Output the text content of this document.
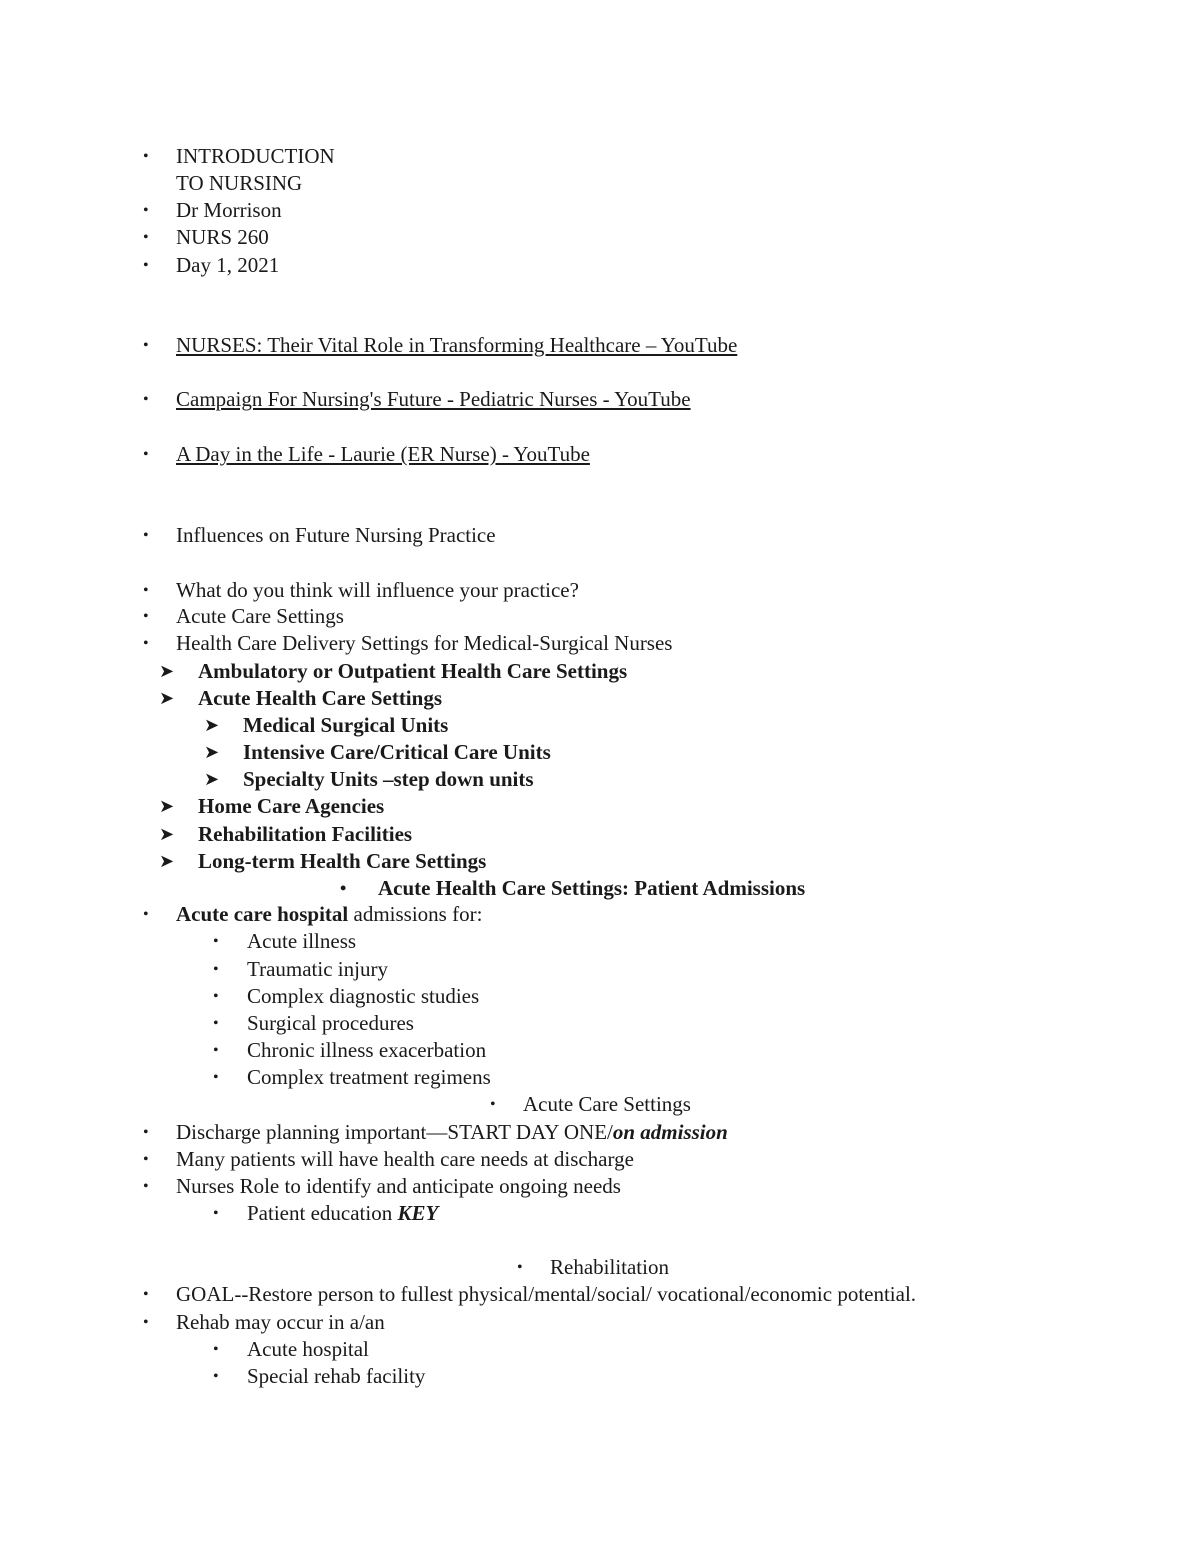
• INTRODUCTION
TO NURSING
• Dr Morrison
• NURS 260
• Day 1, 2021
• NURSES: Their Vital Role in Transforming Healthcare – YouTube
• Campaign For Nursing's Future - Pediatric Nurses - YouTube
• A Day in the Life - Laurie (ER Nurse) - YouTube
• Influences on Future Nursing Practice
• What do you think will influence your practice?
• Acute Care Settings
• Health Care Delivery Settings for Medical-Surgical Nurses
➤ Ambulatory or Outpatient Health Care Settings
➤ Acute Health Care Settings
➤ Medical Surgical Units
➤ Intensive Care/Critical Care Units
➤ Specialty Units –step down units
➤ Home Care Agencies
➤ Rehabilitation Facilities
➤ Long-term Health Care Settings
• Acute Health Care Settings: Patient Admissions
• Acute care hospital admissions for:
• Acute illness
• Traumatic injury
• Complex diagnostic studies
• Surgical procedures
• Chronic illness exacerbation
• Complex treatment regimens
• Acute Care Settings
• Discharge planning important—START DAY ONE/on admission
• Many patients will have health care needs at discharge
• Nurses Role to identify and anticipate ongoing needs
• Patient education KEY
• Rehabilitation
• GOAL--Restore person to fullest physical/mental/social/ vocational/economic potential.
• Rehab may occur in a/an
• Acute hospital
• Special rehab facility
